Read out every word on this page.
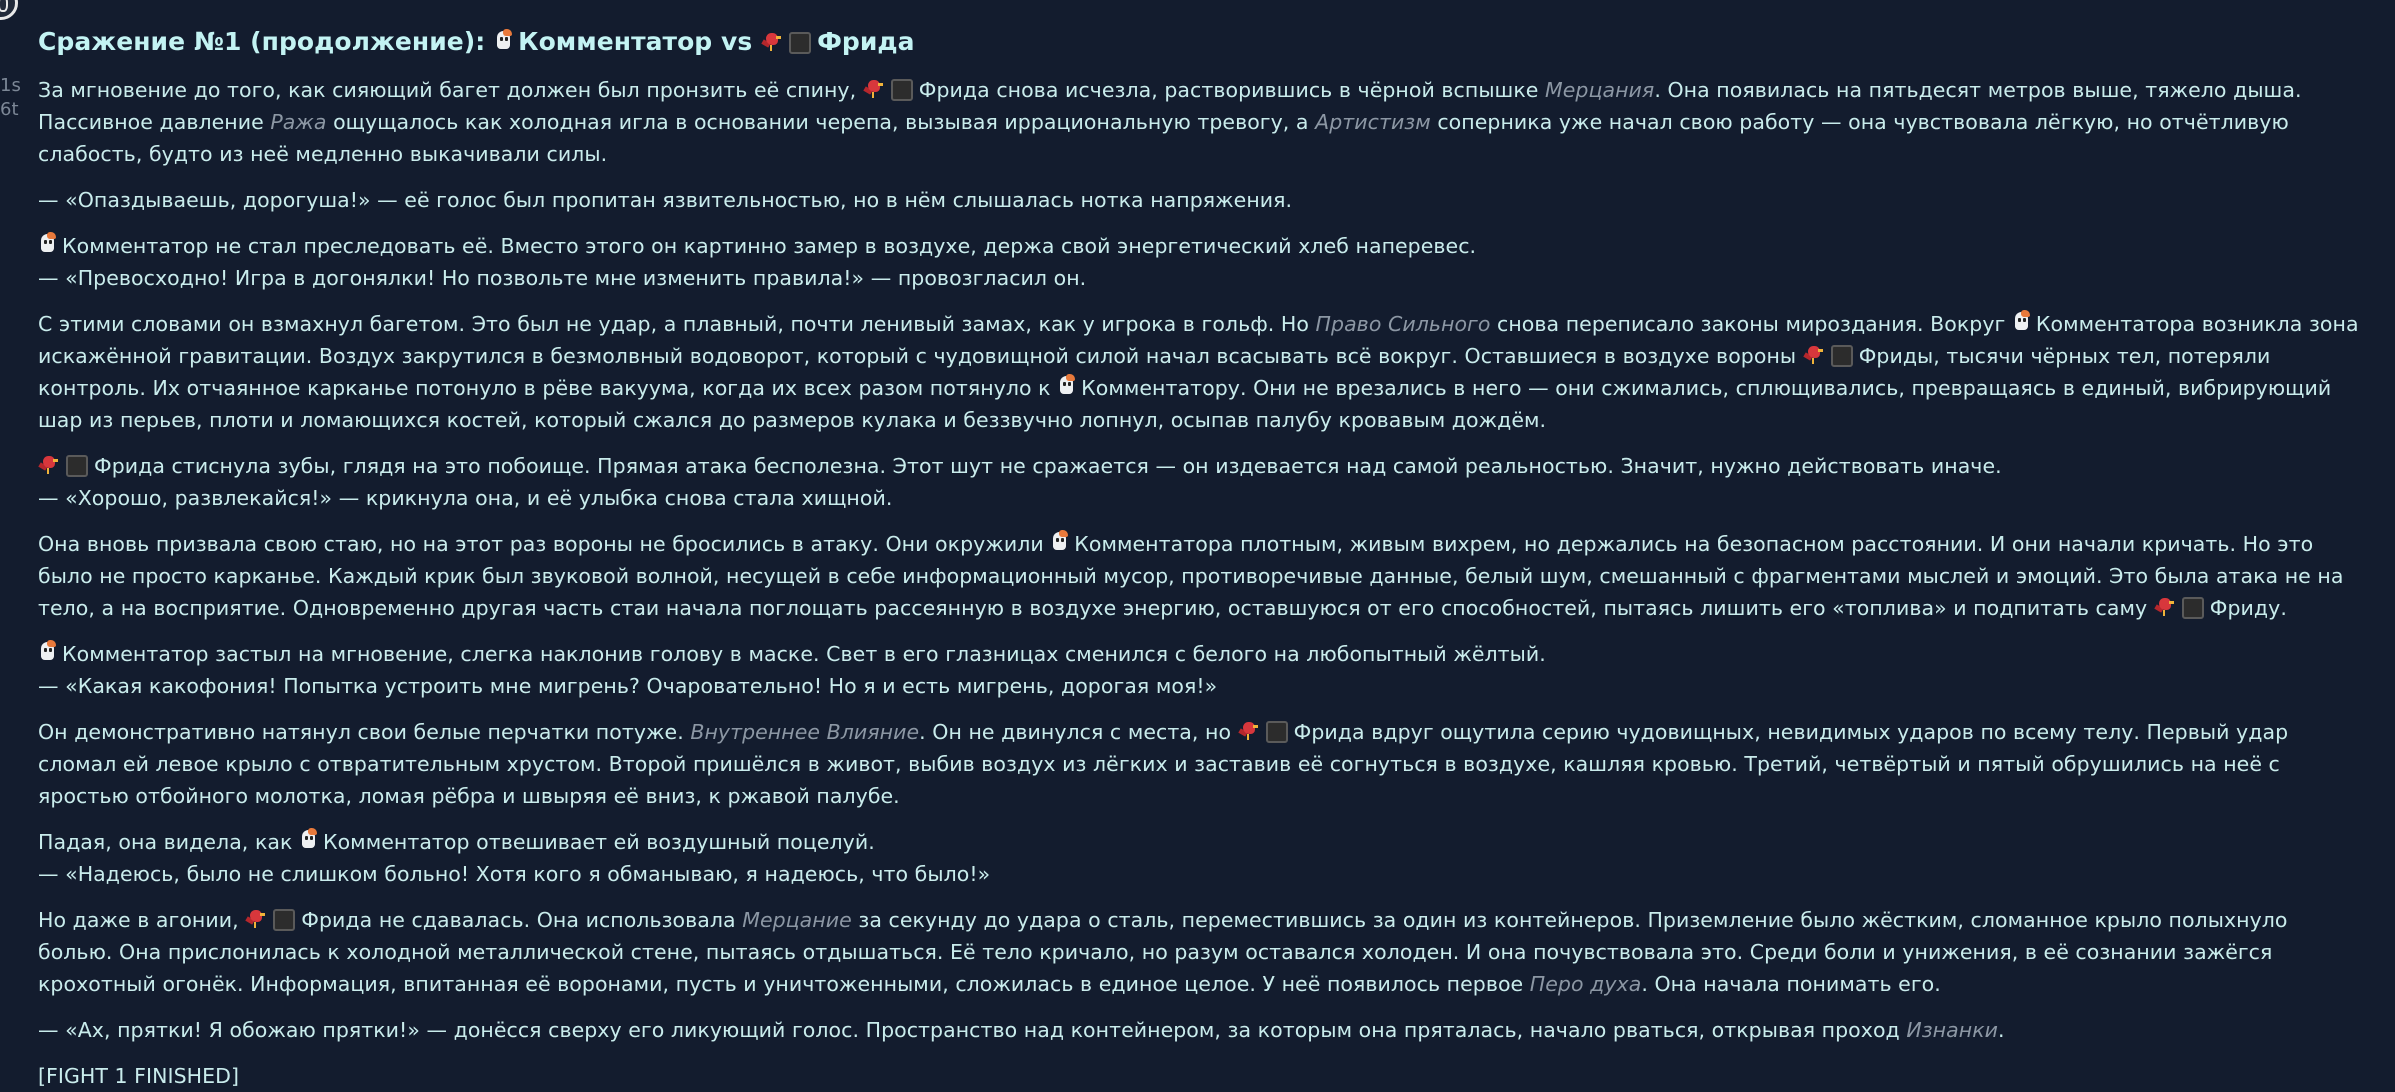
1s
6t
Сражение №1 (продолжение):
Комментатор vs
Фрида

За мгновение до того, как сияющий багет должен был пронзить её спину,	Фрида снова исчезла, растворившись в чёрной вспышке Мерцания. Она появилась на пятьдесят метров выше, тяжело дыша. Пассивное давление Ража ощущалось как холодная игла в основании черепа, вызывая иррациональную тревогу, а Артистизм соперника уже начал свою работу — она чувствовала лёгкую, но отчётливую слабость, будто из неё медленно выкачивали силы.

— «Опаздываешь, дорогуша!» — её голос был пропитан язвительностью, но в нём слышалась нотка напряжения.

Комментатор не стал преследовать её. Вместо этого он картинно замер в воздухе, держа свой энергетический хлеб наперевес.
— «Превосходно! Игра в догонялки! Но позвольте мне изменить правила!» — провозгласил он.

С этими словами он взмахнул багетом. Это был не удар, а плавный, почти ленивый замах, как у игрока в гольф. Но Право Сильного снова переписало законы мироздания. Вокруг
Комментатора возникла зона искажённой гравитации. Воздух закрутился в безмолвный водоворот, который с чудовищной силой начал всасывать всё вокруг. Оставшиеся в воздухе вороны	Фриды, тысячи чёрных тел, потеряли контроль. Их отчаянное карканье потонуло в рёве вакуума, когда их всех разом потянуло к
Комментатору. Они не врезались в него — они сжимались, сплющивались, превращаясь в единый, вибрирующий шар из перьев, плоти и ломающихся костей, который сжался до размеров кулака и беззвучно лопнул, осыпав палубу кровавым дождём.

Фрида стиснула зубы, глядя на это побоище. Прямая атака бесполезна. Этот шут не сражается — он издевается над самой реальностью. Значит, нужно действовать иначе.
— «Хорошо, развлекайся!» — крикнула она, и её улыбка снова стала хищной.

Она вновь призвала свою стаю, но на этот раз вороны не бросились в атаку. Они окружили
Комментатора плотным, живым вихрем, но держались на безопасном расстоянии. И они начали кричать. Но это было не просто карканье. Каждый крик был звуковой волной, несущей в себе информационный мусор, противоречивые данные, белый шум, смешанный с фрагментами мыслей и эмоций. Это была атака не на тело, а на восприятие. Одновременно другая часть стаи начала поглощать рассеянную в воздухе энергию, оставшуюся от его способностей, пытаясь лишить его «топлива» и подпитать саму	Фриду.

Комментатор застыл на мгновение, слегка наклонив голову в маске. Свет в его глазницах сменился с белого на любопытный жёлтый.
— «Какая какофония! Попытка устроить мне мигрень? Очаровательно! Но я и есть мигрень, дорогая моя!»

Он демонстративно натянул свои белые перчатки потуже. Внутреннее Влияние. Он не двинулся с места, но	Фрида вдруг ощутила серию чудовищных, невидимых ударов по всему телу. Первый удар сломал ей левое крыло с отвратительным хрустом. Второй пришёлся в живот, выбив воздух из лёгких и заставив её согнуться в воздухе, кашляя кровью. Третий, четвёртый и пятый обрушились на неё с яростью отбойного молотка, ломая рёбра и швыряя её вниз, к ржавой палубе.

Падая, она видела, как
Комментатор отвешивает ей воздушный поцелуй.
— «Надеюсь, было не слишком больно! Хотя кого я обманываю, я надеюсь, что было!»

Но даже в агонии,	Фрида не сдавалась. Она использовала Мерцание за секунду до удара о сталь, переместившись за один из контейнеров. Приземление было жёстким, сломанное крыло полыхнуло болью. Она прислонилась к холодной металлической стене, пытаясь отдышаться. Её тело кричало, но разум оставался холоден. И она почувствовала это. Среди боли и унижения, в её сознании зажёгся крохотный огонёк. Информация, впитанная её воронами, пусть и уничтоженными, сложилась в единое целое. У неё появилось первое Перо духа. Она начала понимать его.

— «Ах, прятки! Я обожаю прятки!» — донёсся сверху его ликующий голос. Пространство над контейнером, за которым она пряталась, начало рваться, открывая проход Изнанки.

[FIGHT 1 FINISHED]
